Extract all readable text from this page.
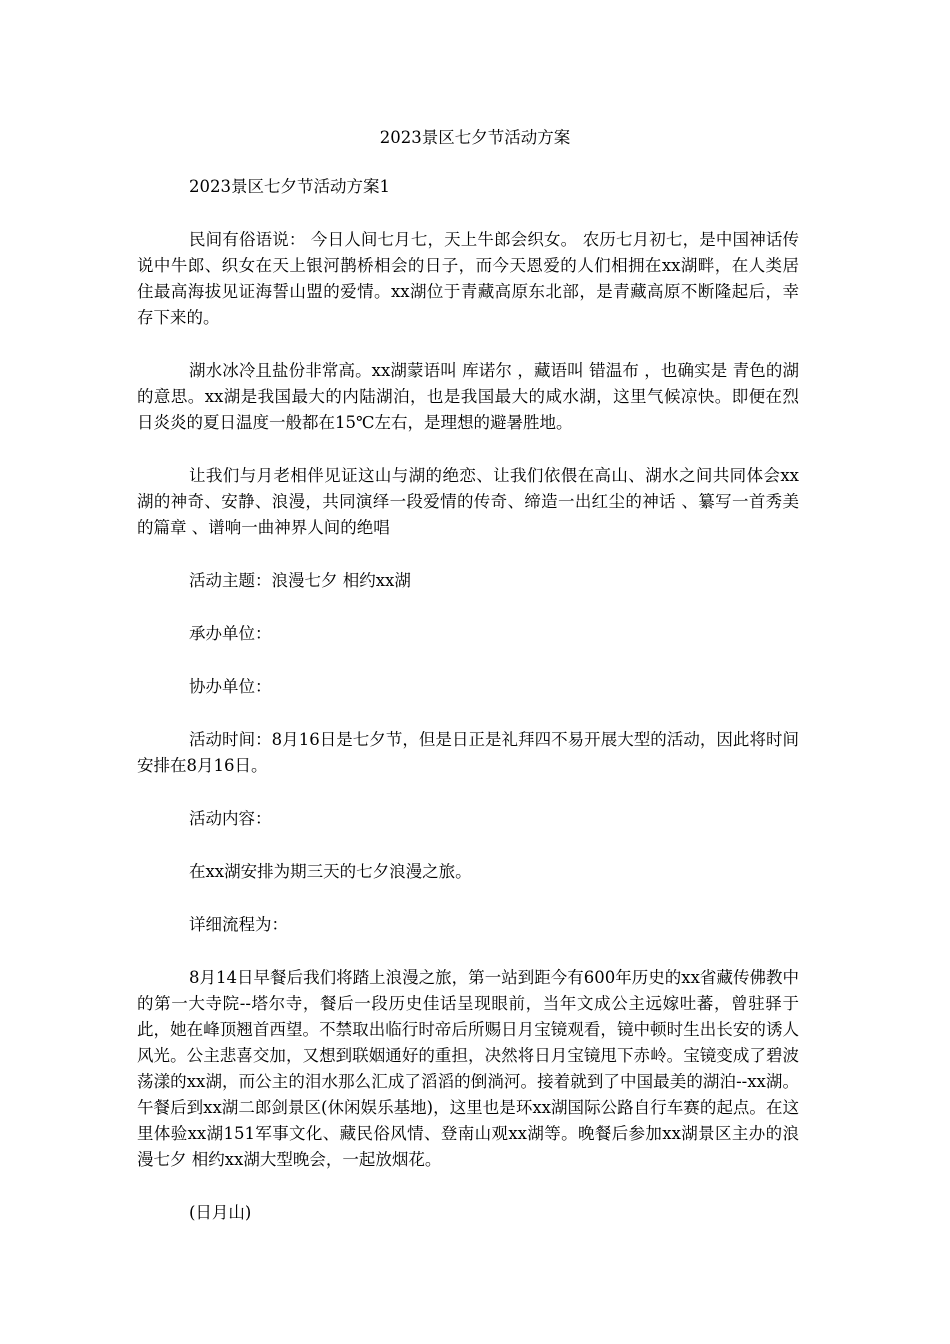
2023景区七夕节活动方案

2023景区七夕节活动方案1

民间有俗语说： 今日人间七月七，天上牛郎会织女。 农历七月初七，是中国神话传说中牛郎、织女在天上银河鹊桥相会的日子，而今天恩爱的人们相拥在xx湖畔，在人类居住最高海拔见证海誓山盟的爱情。xx湖位于青藏高原东北部，是青藏高原不断隆起后，幸存下来的。

湖水冰冷且盐份非常高。xx湖蒙语叫 库诺尔 ，藏语叫 错温布 ，也确实是 青色的湖 的意思。xx湖是我国最大的内陆湖泊，也是我国最大的咸水湖，这里气候凉快。即便在烈日炎炎的夏日温度一般都在15℃左右，是理想的避暑胜地。

让我们与月老相伴见证这山与湖的绝恋、让我们依偎在高山、湖水之间共同体会xx湖的神奇、安静、浪漫，共同演绎一段爱情的传奇、缔造一出红尘的神话 、纂写一首秀美的篇章 、谱响一曲神界人间的绝唱

活动主题：浪漫七夕 相约xx湖

承办单位：

协办单位：

活动时间：8月16日是七夕节，但是日正是礼拜四不易开展大型的活动，因此将时间安排在8月16日。

活动内容：

在xx湖安排为期三天的七夕浪漫之旅。

详细流程为：

8月14日早餐后我们将踏上浪漫之旅，第一站到距今有600年历史的xx省藏传佛教中的第一大寺院--塔尔寺，餐后一段历史佳话呈现眼前，当年文成公主远嫁吐蕃，曾驻驿于此，她在峰顶翘首西望。不禁取出临行时帝后所赐日月宝镜观看，镜中顿时生出长安的诱人风光。公主悲喜交加，又想到联姻通好的重担，决然将日月宝镜甩下赤岭。宝镜变成了碧波荡漾的xx湖，而公主的泪水那么汇成了滔滔的倒淌河。接着就到了中国最美的湖泊--xx湖。午餐后到xx湖二郎剑景区(休闲娱乐基地)，这里也是环xx湖国际公路自行车赛的起点。在这里体验xx湖151军事文化、藏民俗风情、登南山观xx湖等。晚餐后参加xx湖景区主办的浪漫七夕 相约xx湖大型晚会，一起放烟花。

(日月山)
